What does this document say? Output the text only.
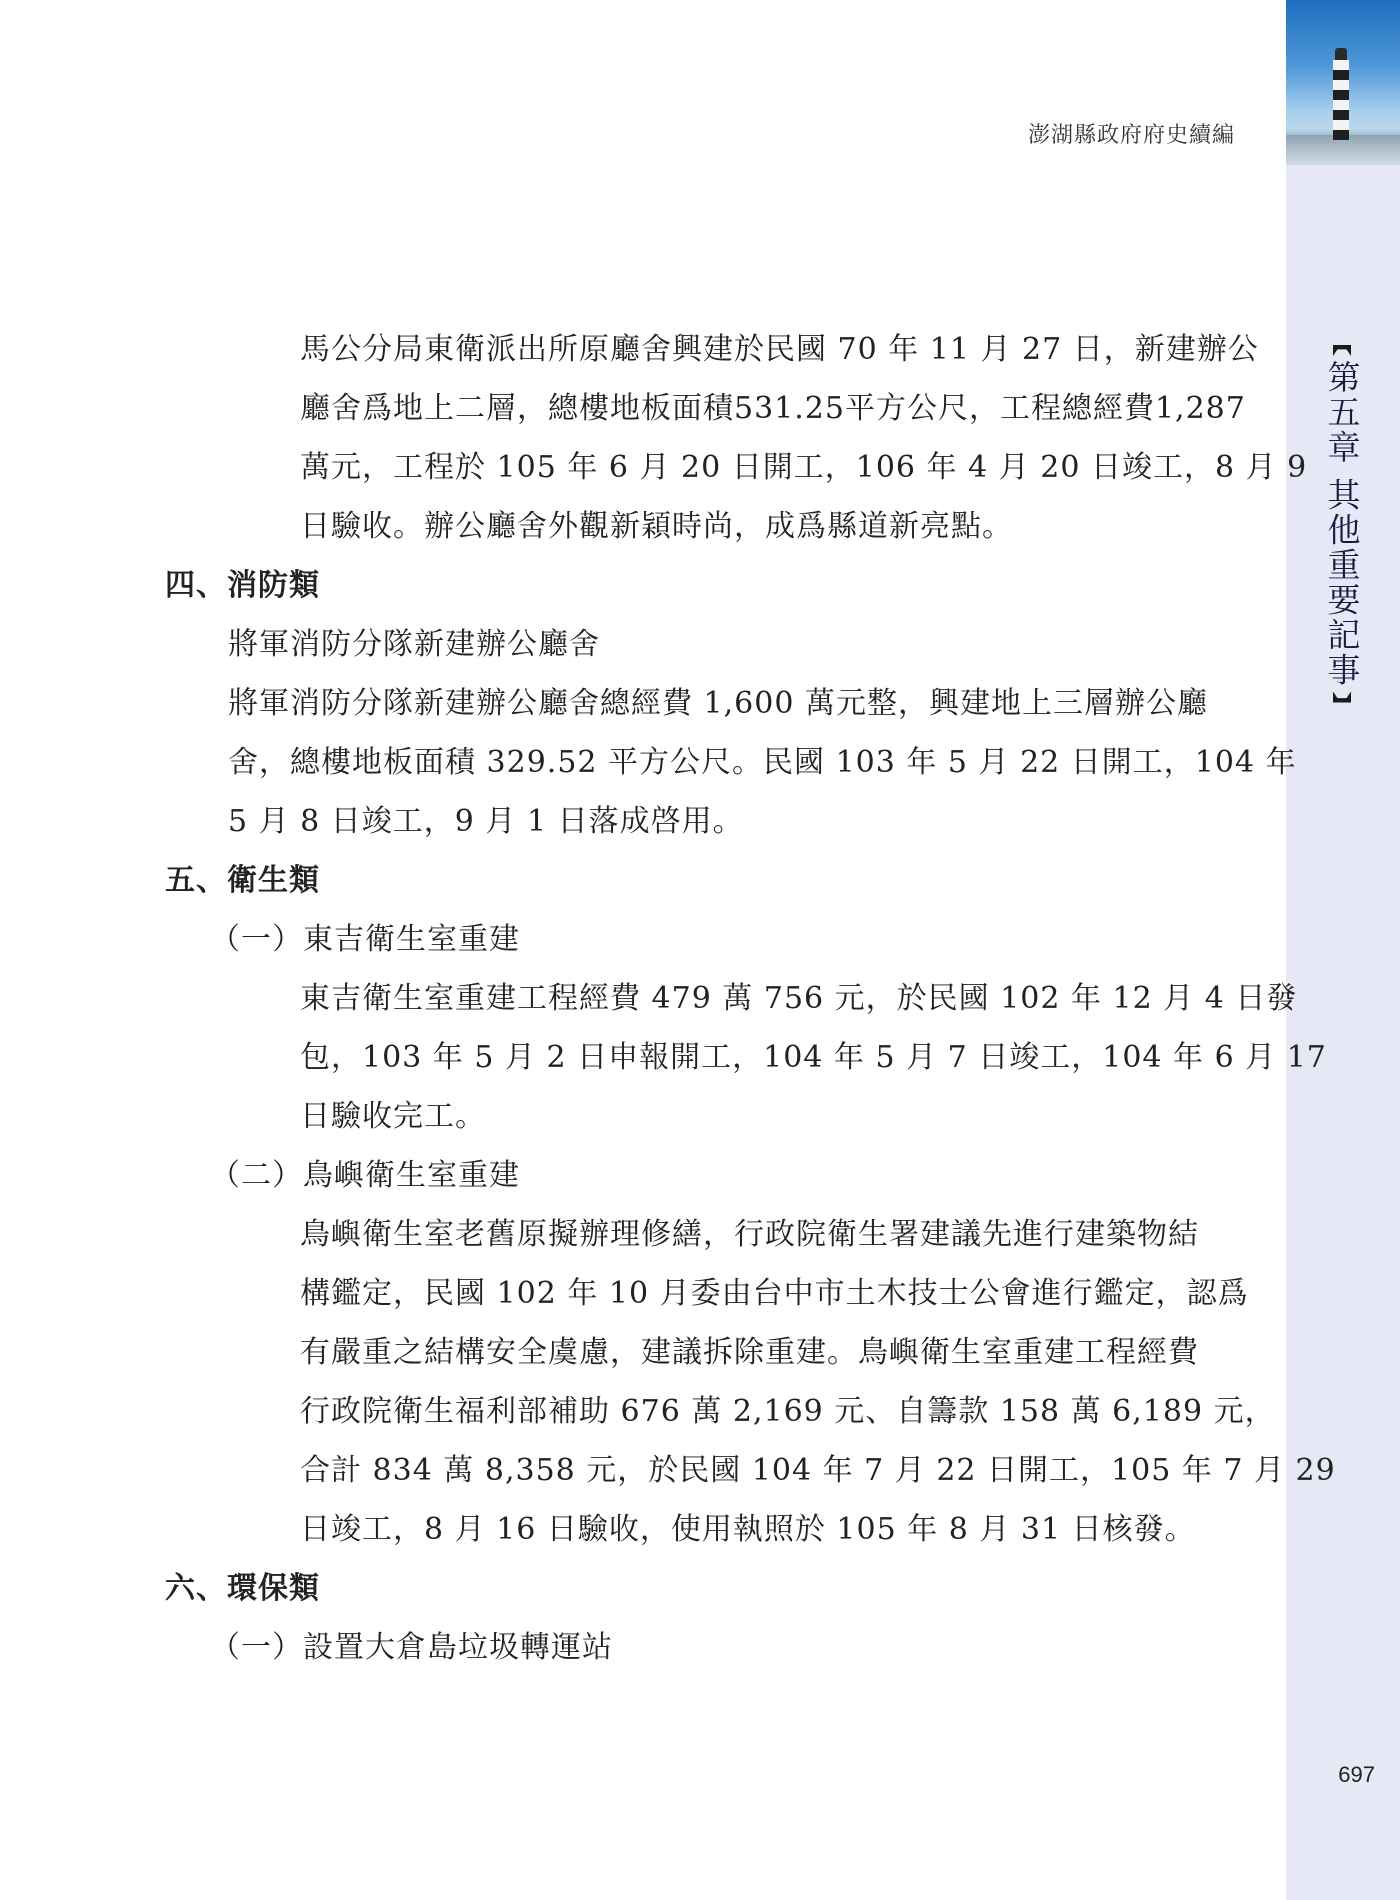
澎湖縣政府府史續編
第五章 其他重要記事
697
馬公分局東衛派出所原廳舍興建於民國 70 年 11 月 27 日，新建辦公
廳舍爲地上二層，總樓地板面積531.25平方公尺，工程總經費1,287
萬元，工程於 105 年 6 月 20 日開工，106 年 4 月 20 日竣工，8 月 9
日驗收。辦公廳舍外觀新穎時尚，成爲縣道新亮點。
四、消防類
將軍消防分隊新建辦公廳舍
將軍消防分隊新建辦公廳舍總經費 1,600 萬元整，興建地上三層辦公廳
舍，總樓地板面積 329.52 平方公尺。民國 103 年 5 月 22 日開工，104 年
5 月 8 日竣工，9 月 1 日落成啓用。
五、衛生類
（一）東吉衛生室重建
東吉衛生室重建工程經費 479 萬 756 元，於民國 102 年 12 月 4 日發
包，103 年 5 月 2 日申報開工，104 年 5 月 7 日竣工，104 年 6 月 17
日驗收完工。
（二）鳥嶼衛生室重建
鳥嶼衛生室老舊原擬辦理修繕，行政院衛生署建議先進行建築物結
構鑑定，民國 102 年 10 月委由台中市土木技士公會進行鑑定，認爲
有嚴重之結構安全虞慮，建議拆除重建。鳥嶼衛生室重建工程經費
行政院衛生福利部補助 676 萬 2,169 元、自籌款 158 萬 6,189 元，
合計 834 萬 8,358 元，於民國 104 年 7 月 22 日開工，105 年 7 月 29
日竣工，8 月 16 日驗收，使用執照於 105 年 8 月 31 日核發。
六、環保類
（一）設置大倉島垃圾轉運站
